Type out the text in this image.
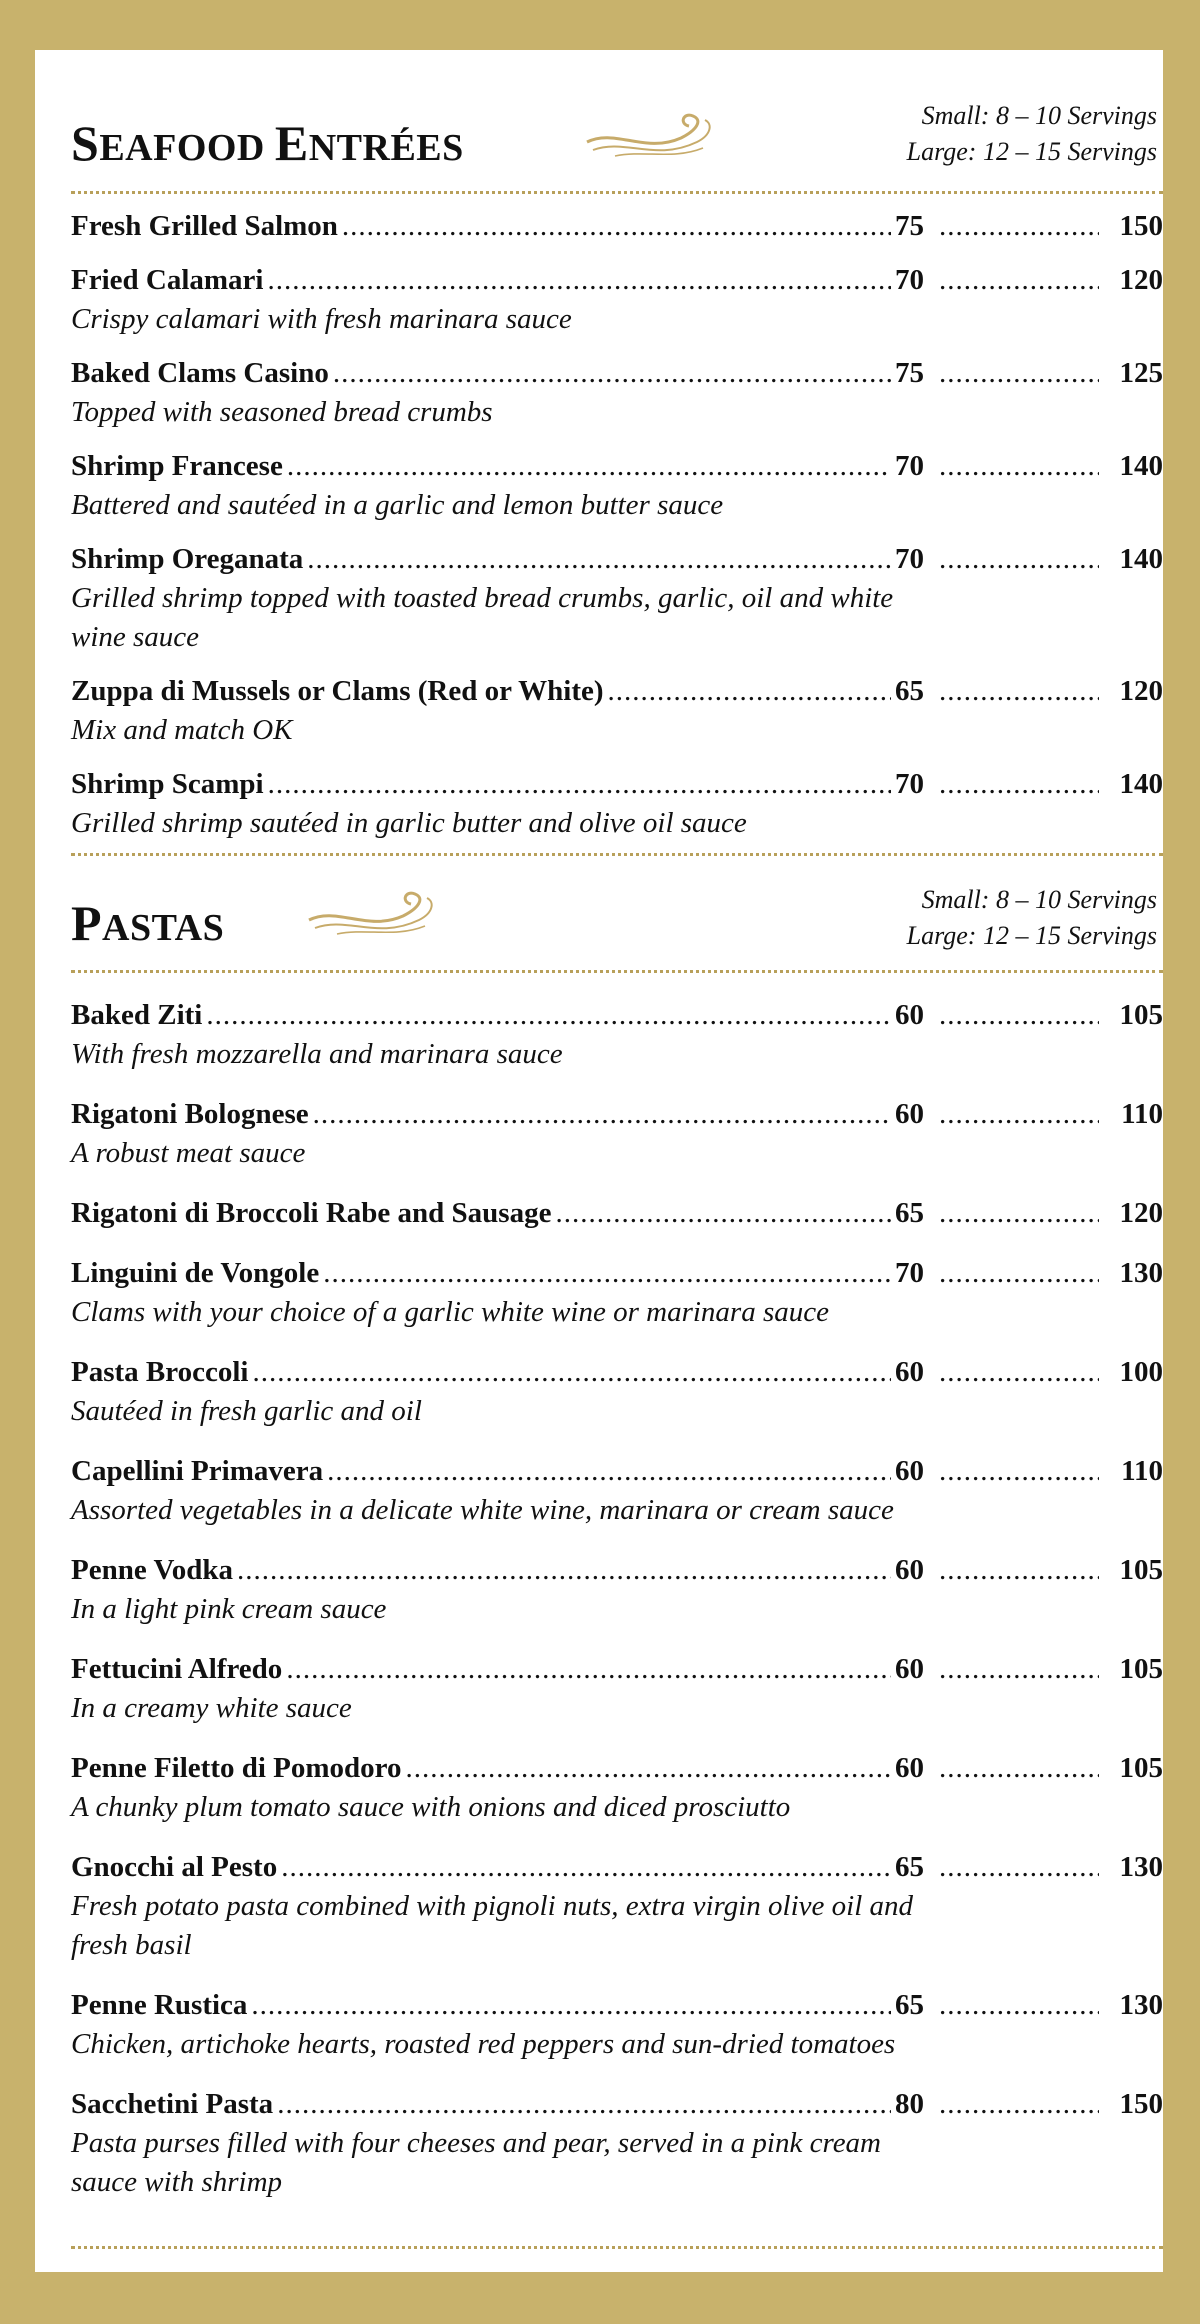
SEAFOOD ENTRÉES
Small: 8 – 10 Servings
Large: 12 – 15 Servings
Fresh Grilled Salmon .....	75 .....	150
Fried Calamari .....	70 .....	120
Crispy calamari with fresh marinara sauce
Baked Clams Casino .....	75 .....	125
Topped with seasoned bread crumbs
Shrimp Francese .....	70 .....	140
Battered and sautéed in a garlic and lemon butter sauce
Shrimp Oreganata .....	70 .....	140
Grilled shrimp topped with toasted bread crumbs, garlic, oil and white wine sauce
Zuppa di Mussels or Clams (Red or White) .....	65 .....	120
Mix and match OK
Shrimp Scampi .....	70 .....	140
Grilled shrimp sautéed in garlic butter and olive oil sauce
PASTAS
Small: 8 – 10 Servings
Large: 12 – 15 Servings
Baked Ziti .....	60 .....	105
With fresh mozzarella and marinara sauce
Rigatoni Bolognese .....	60 .....	110
A robust meat sauce
Rigatoni di Broccoli Rabe and Sausage .....	65 .....	120
Linguini de Vongole .....	70 .....	130
Clams with your choice of a garlic white wine or marinara sauce
Pasta Broccoli .....	60 .....	100
Sautéed in fresh garlic and oil
Capellini Primavera .....	60 .....	110
Assorted vegetables in a delicate white wine, marinara or cream sauce
Penne Vodka .....	60 .....	105
In a light pink cream sauce
Fettucini Alfredo .....	60 .....	105
In a creamy white sauce
Penne Filetto di Pomodoro .....	60 .....	105
A chunky plum tomato sauce with onions and diced prosciutto
Gnocchi al Pesto .....	65 .....	130
Fresh potato pasta combined with pignoli nuts, extra virgin olive oil and fresh basil
Penne Rustica .....	65 .....	130
Chicken, artichoke hearts, roasted red peppers and sun-dried tomatoes
Sacchetini Pasta .....	80 .....	150
Pasta purses filled with four cheeses and pear, served in a pink cream sauce with shrimp
